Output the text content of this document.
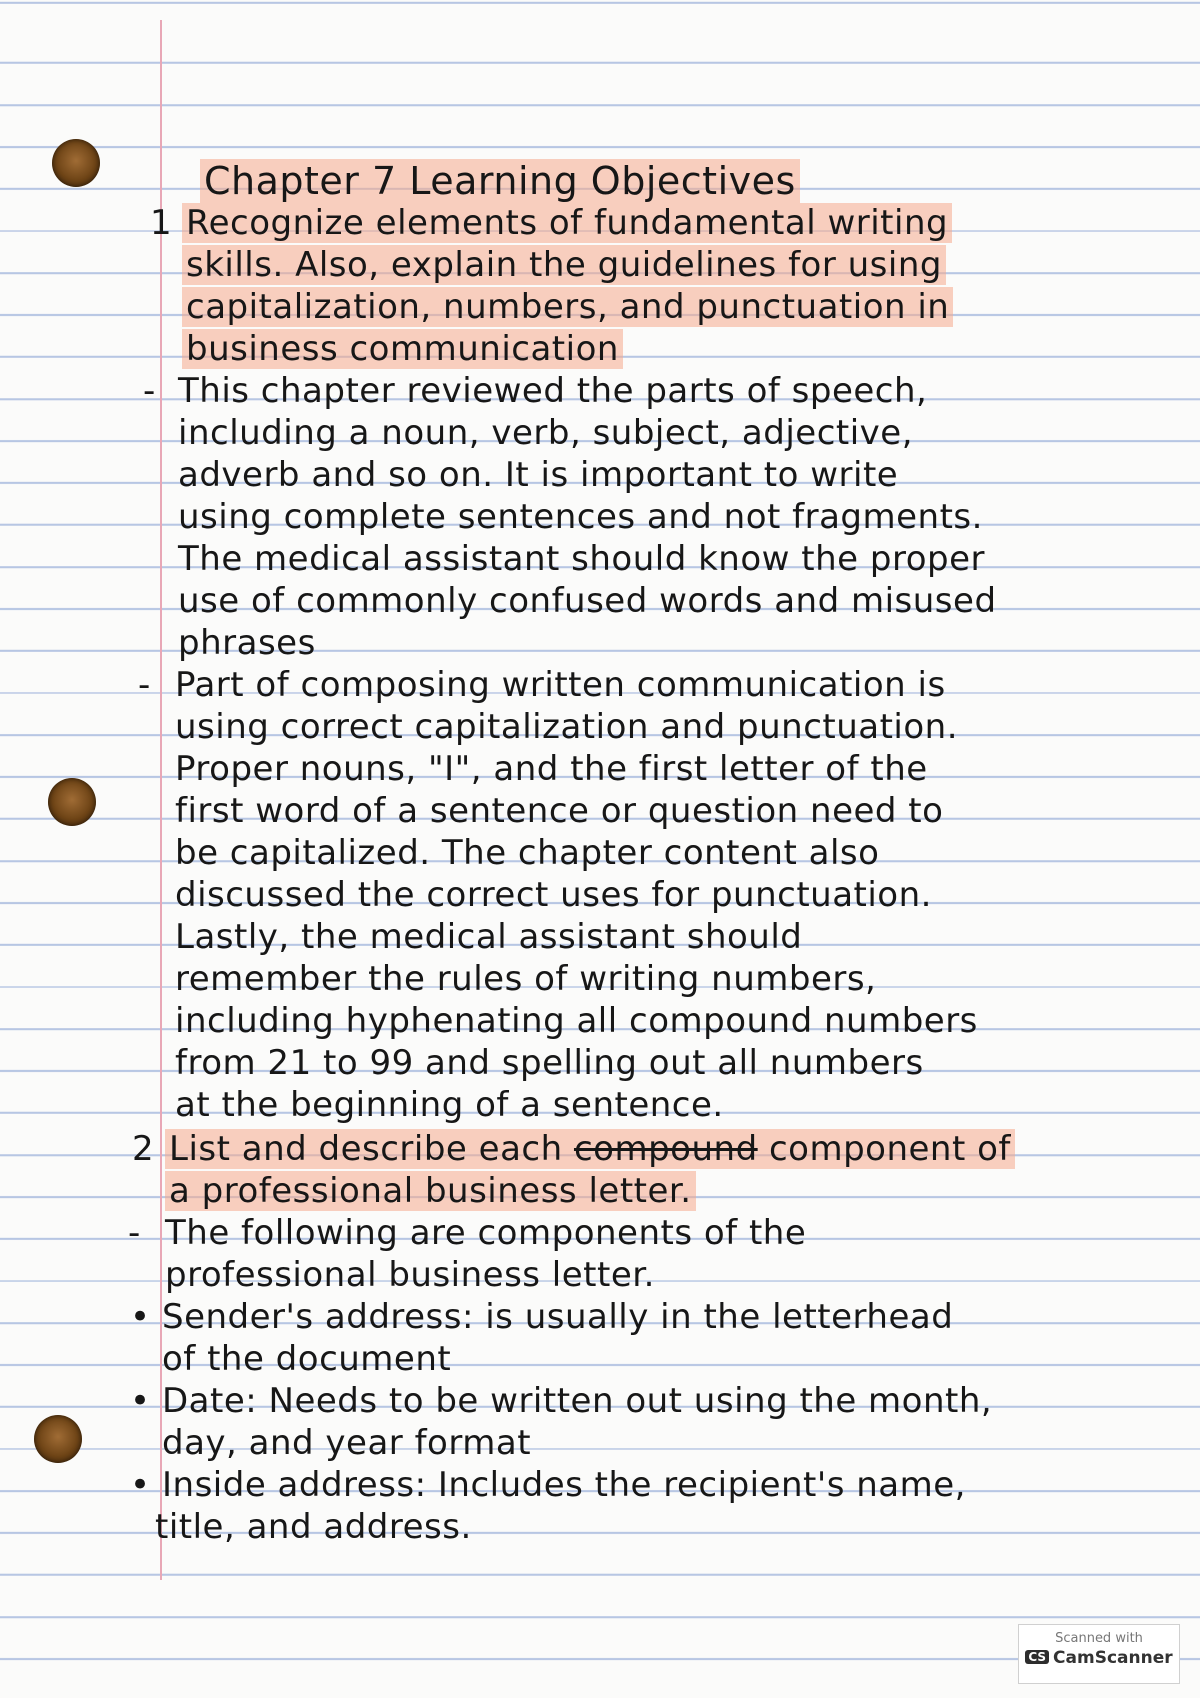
Chapter 7 Learning Objectives
1 Recognize elements of fundamental writing
skills. Also, explain the guidelines for using
capitalization, numbers, and punctuation in
business communication
- This chapter reviewed the parts of speech,
including a noun, verb, subject, adjective,
adverb and so on. It is important to write
using complete sentences and not fragments.
The medical assistant should know the proper
use of commonly confused words and misused
phrases
- Part of composing written communication is
using correct capitalization and punctuation.
Proper nouns, "I", and the first letter of the
first word of a sentence or question need to
be capitalized. The chapter content also
discussed the correct uses for punctuation.
Lastly, the medical assistant should
remember the rules of writing numbers,
including hyphenating all compound numbers
from 21 to 99 and spelling out all numbers
at the beginning of a sentence.
2 List and describe each compound component of
a professional business letter.
- The following are components of the
professional business letter.
• Sender's address: is usually in the letterhead
of the document
• Date: Needs to be written out using the month,
day, and year format
• Inside address: Includes the recipient's name,
title, and address.
Scanned with
CS CamScanner
